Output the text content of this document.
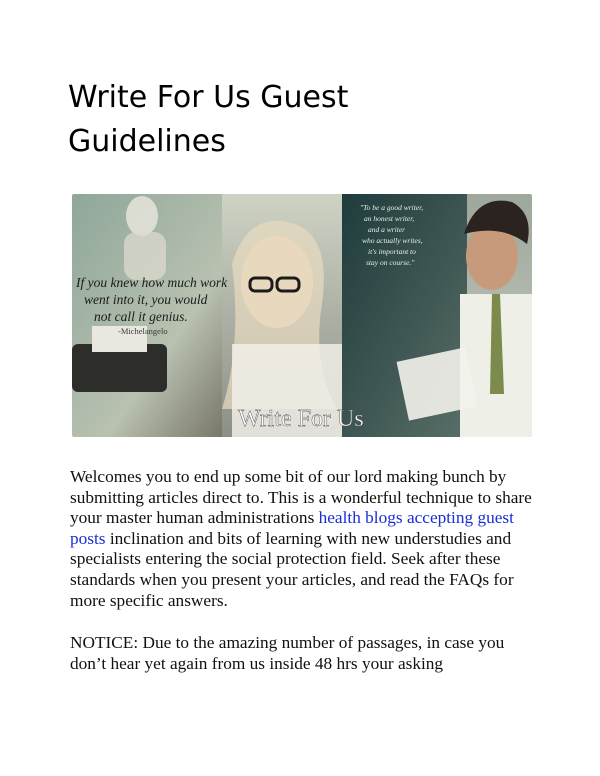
Write For Us Guest
Guidelines
If you knew how much work
went into it, you would
not call it genius.
-Michelangelo
"To be a good writer,
an honest writer,
and a writer
who actually writes,
it's important to
stay on course."
Write For Us

Welcomes you to end up some bit of our lord making bunch by submitting articles direct to. This is a wonderful technique to share your master human administrations health blogs accepting guest posts inclination and bits of learning with new understudies and specialists entering the social protection field. Seek after these standards when you present your articles, and read the FAQs for more specific answers.

NOTICE: Due to the amazing number of passages, in case you don’t hear yet again from us inside 48 hrs your asking
